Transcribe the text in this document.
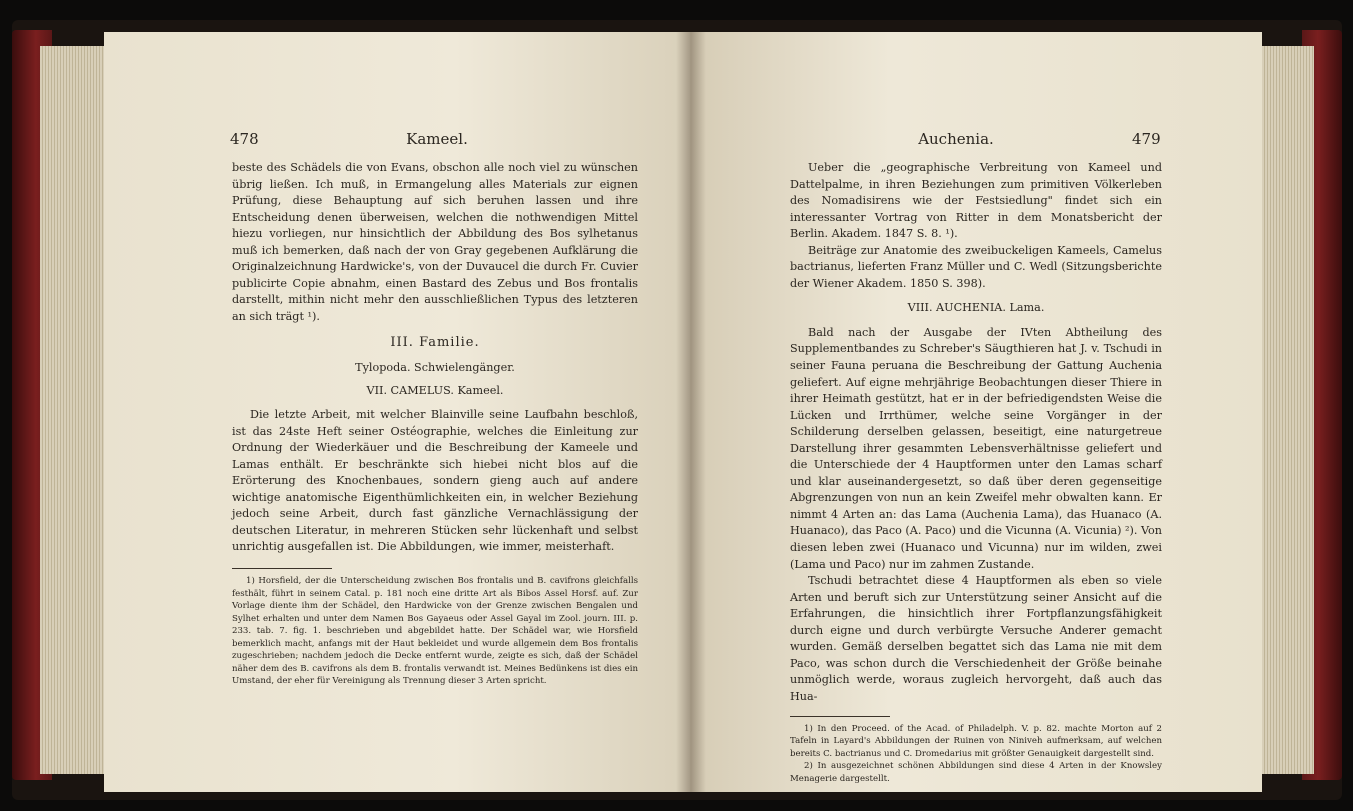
478	Kameel.

beste des Schädels die von Evans, obschon alle noch viel zu wünschen übrig ließen. Ich muß, in Ermangelung alles Materials zur eignen Prüfung, diese Behauptung auf sich beruhen lassen und ihre Entscheidung denen überweisen, welchen die nothwendigen Mittel hiezu vorliegen, nur hinsichtlich der Abbildung des Bos sylhetanus muß ich bemerken, daß nach der von Gray gegebenen Aufklärung die Originalzeichnung Hardwicke's, von der Duvaucel die durch Fr. Cuvier publicirte Copie abnahm, einen Bastard des Zebus und Bos frontalis darstellt, mithin nicht mehr den ausschließlichen Typus des letzteren an sich trägt ¹).

III. Familie.

Tylopoda. Schwielengänger.

VII. CAMELUS. Kameel.

Die letzte Arbeit, mit welcher Blainville seine Laufbahn beschloß, ist das 24ste Heft seiner Ostéographie, welches die Einleitung zur Ordnung der Wiederkäuer und die Beschreibung der Kameele und Lamas enthält. Er beschränkte sich hiebei nicht blos auf die Erörterung des Knochenbaues, sondern gieng auch auf andere wichtige anatomische Eigenthümlichkeiten ein, in welcher Beziehung jedoch seine Arbeit, durch fast gänzliche Vernachlässigung der deutschen Literatur, in mehreren Stücken sehr lückenhaft und selbst unrichtig ausgefallen ist. Die Abbildungen, wie immer, meisterhaft.

1) Horsfield, der die Unterscheidung zwischen Bos frontalis und B. cavifrons gleichfalls festhält, führt in seinem Catal. p. 181 noch eine dritte Art als Bibos Assel Horsf. auf. Zur Vorlage diente ihm der Schädel, den Hardwicke von der Grenze zwischen Bengalen und Sylhet erhalten und unter dem Namen Bos Gayaeus oder Assel Gayal im Zool. journ. III. p. 233. tab. 7. fig. 1. beschrieben und abgebildet hatte. Der Schädel war, wie Horsfield bemerklich macht, anfangs mit der Haut bekleidet und wurde allgemein dem Bos frontalis zugeschrieben; nachdem jedoch die Decke entfernt wurde, zeigte es sich, daß der Schädel näher dem des B. cavifrons als dem B. frontalis verwandt ist. Meines Bedünkens ist dies ein Umstand, der eher für Vereinigung als Trennung dieser 3 Arten spricht.

Auchenia.	479

Ueber die „geographische Verbreitung von Kameel und Dattelpalme, in ihren Beziehungen zum primitiven Völkerleben des Nomadisirens wie der Festsiedlung" findet sich ein interessanter Vortrag von Ritter in dem Monatsbericht der Berlin. Akadem. 1847 S. 8. ¹).

Beiträge zur Anatomie des zweibuckeligen Kameels, Camelus bactrianus, lieferten Franz Müller und C. Wedl (Sitzungsberichte der Wiener Akadem. 1850 S. 398).

VIII. AUCHENIA. Lama.

Bald nach der Ausgabe der IVten Abtheilung des Supplementbandes zu Schreber's Säugthieren hat J. v. Tschudi in seiner Fauna peruana die Beschreibung der Gattung Auchenia geliefert. Auf eigne mehrjährige Beobachtungen dieser Thiere in ihrer Heimath gestützt, hat er in der befriedigendsten Weise die Lücken und Irrthümer, welche seine Vorgänger in der Schilderung derselben gelassen, beseitigt, eine naturgetreue Darstellung ihrer gesammten Lebensverhältnisse geliefert und die Unterschiede der 4 Hauptformen unter den Lamas scharf und klar auseinandergesetzt, so daß über deren gegenseitige Abgrenzungen von nun an kein Zweifel mehr obwalten kann. Er nimmt 4 Arten an: das Lama (Auchenia Lama), das Huanaco (A. Huanaco), das Paco (A. Paco) und die Vicunna (A. Vicunia) ²). Von diesen leben zwei (Huanaco und Vicunna) nur im wilden, zwei (Lama und Paco) nur im zahmen Zustande.

Tschudi betrachtet diese 4 Hauptformen als eben so viele Arten und beruft sich zur Unterstützung seiner Ansicht auf die Erfahrungen, die hinsichtlich ihrer Fortpflanzungsfähigkeit durch eigne und durch verbürgte Versuche Anderer gemacht wurden. Gemäß derselben begattet sich das Lama nie mit dem Paco, was schon durch die Verschiedenheit der Größe beinahe unmöglich werde, woraus zugleich hervorgeht, daß auch das Hua-

1) In den Proceed. of the Acad. of Philadelph. V. p. 82. machte Morton auf 2 Tafeln in Layard's Abbildungen der Ruinen von Niniveh aufmerksam, auf welchen bereits C. bactrianus und C. Dromedarius mit größter Genauigkeit dargestellt sind.

2) In ausgezeichnet schönen Abbildungen sind diese 4 Arten in der Knowsley Menagerie dargestellt.
